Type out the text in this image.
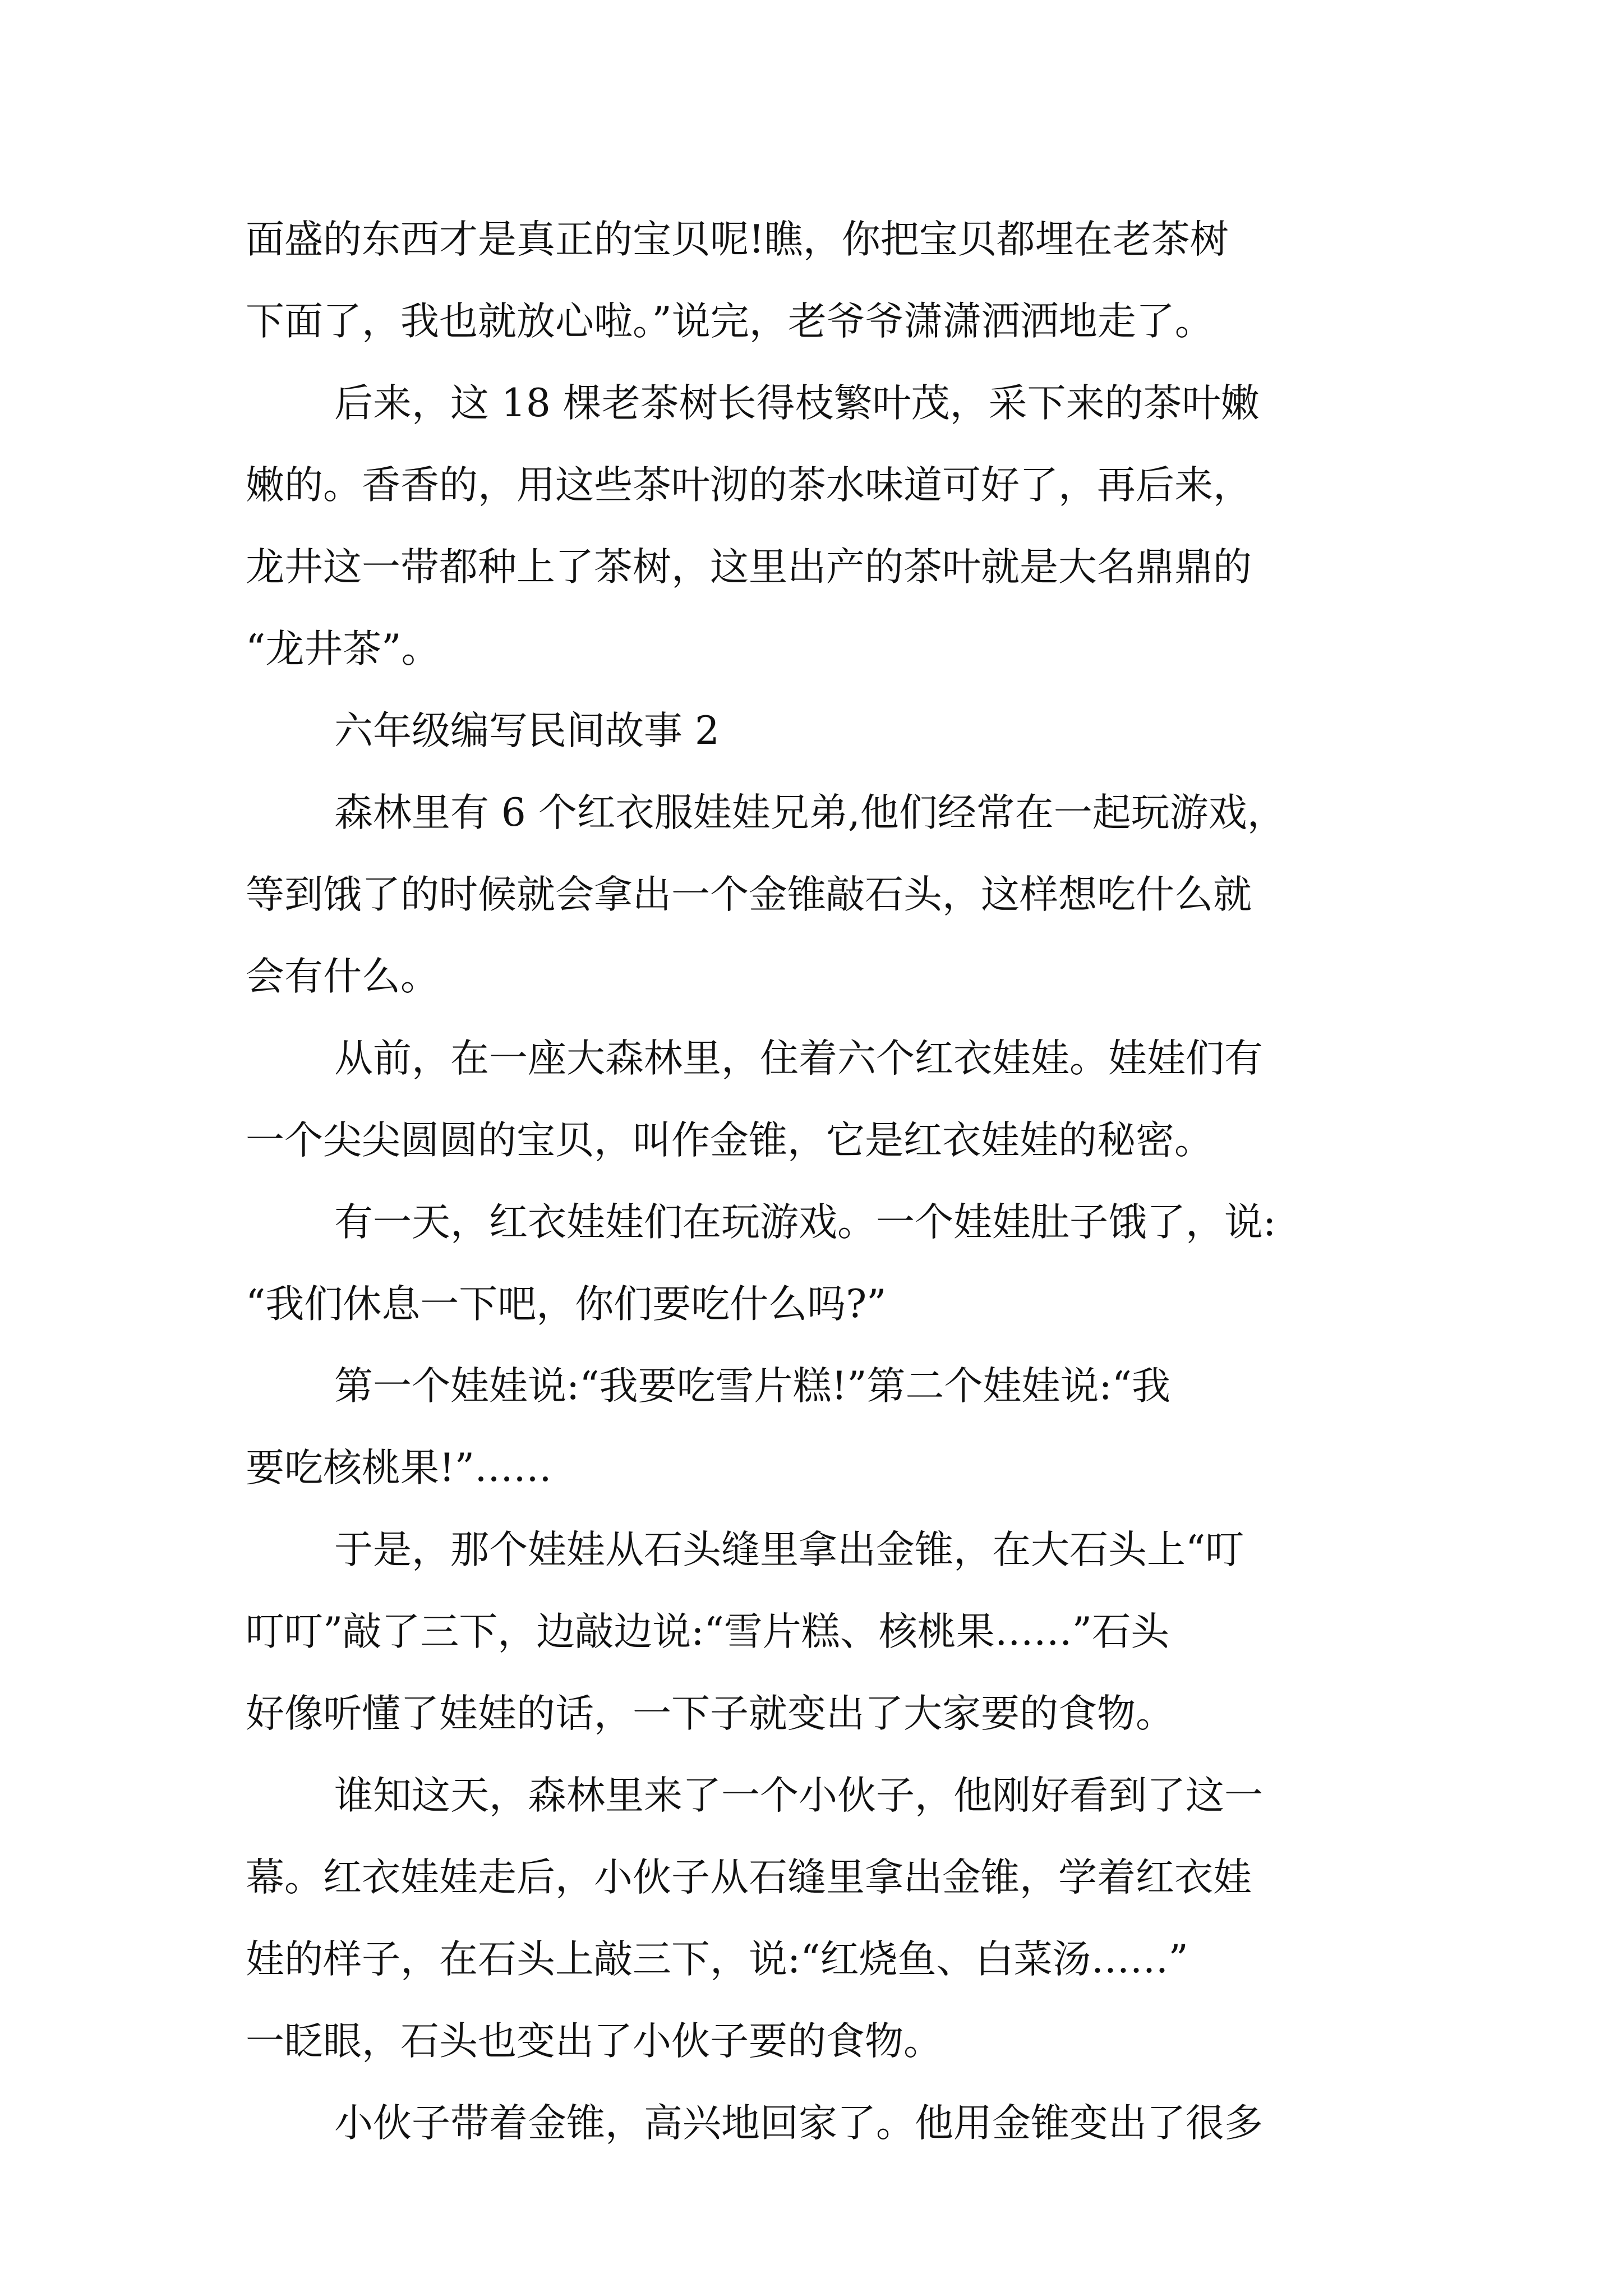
面盛的东西才是真正的宝贝呢!瞧，你把宝贝都埋在老茶树
下面了，我也就放心啦。”说完，老爷爷潇潇洒洒地走了。
后来，这 18 棵老茶树长得枝繁叶茂，采下来的茶叶嫩
嫩的。香香的，用这些茶叶沏的茶水味道可好了，再后来，
龙井这一带都种上了茶树，这里出产的茶叶就是大名鼎鼎的
“龙井茶”。
六年级编写民间故事 2
森林里有 6 个红衣服娃娃兄弟,他们经常在一起玩游戏，
等到饿了的时候就会拿出一个金锥敲石头，这样想吃什么就
会有什么。
从前，在一座大森林里，住着六个红衣娃娃。娃娃们有
一个尖尖圆圆的宝贝，叫作金锥，它是红衣娃娃的秘密。
有一天，红衣娃娃们在玩游戏。一个娃娃肚子饿了，说:
“我们休息一下吧，你们要吃什么吗?”
第一个娃娃说:“我要吃雪片糕!”第二个娃娃说:“我
要吃核桃果!”……
于是，那个娃娃从石头缝里拿出金锥，在大石头上“叮
叮叮”敲了三下，边敲边说:“雪片糕、核桃果……”石头
好像听懂了娃娃的话，一下子就变出了大家要的食物。
谁知这天，森林里来了一个小伙子，他刚好看到了这一
幕。红衣娃娃走后，小伙子从石缝里拿出金锥，学着红衣娃
娃的样子，在石头上敲三下，说:“红烧鱼、白菜汤……”
一眨眼，石头也变出了小伙子要的食物。
小伙子带着金锥，高兴地回家了。他用金锥变出了很多
